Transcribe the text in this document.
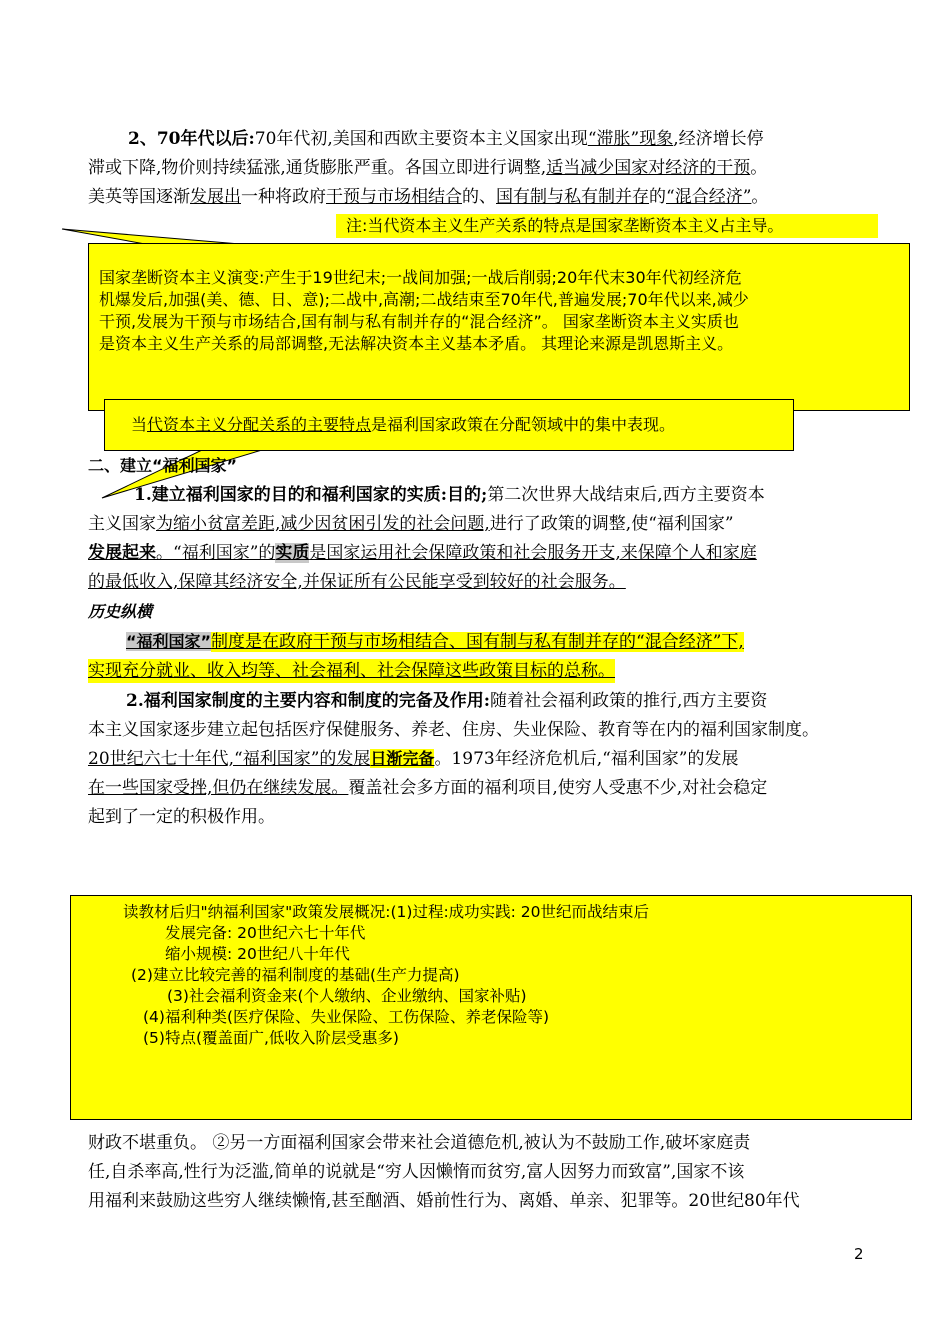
2、70年代以后:70年代初,美国和西欧主要资本主义国家出现“滞胀”现象,经济增长停
滞或下降,物价则持续猛涨,通货膨胀严重。各国立即进行调整,适当减少国家对经济的干预。
美英等国逐渐发展出一种将政府干预与市场相结合的、国有制与私有制并存的“混合经济”。
注:当代资本主义生产关系的特点是国家垄断资本主义占主导。
国家垄断资本主义演变:产生于19世纪末;一战间加强;一战后削弱;20年代末30年代初经济危
机爆发后,加强(美、德、日、意);二战中,高潮;二战结束至70年代,普遍发展;70年代以来,减少
干预,发展为干预与市场结合,国有制与私有制并存的“混合经济”。 国家垄断资本主义实质也
是资本主义生产关系的局部调整,无法解决资本主义基本矛盾。 其理论来源是凯恩斯主义。
当代资本主义分配关系的主要特点是福利国家政策在分配领域中的集中表现。
二、建立“福利国家”
1.建立福利国家的目的和福利国家的实质:目的;第二次世界大战结束后,西方主要资本
主义国家为缩小贫富差距,减少因贫困引发的社会问题,进行了政策的调整,使“福利国家”
发展起来。“福利国家”的实质是国家运用社会保障政策和社会服务开支,来保障个人和家庭
的最低收入,保障其经济安全,并保证所有公民能享受到较好的社会服务。
历史纵横
“福利国家”制度是在政府干预与市场相结合、国有制与私有制并存的“混合经济”下,
实现充分就业、收入均等、社会福利、社会保障这些政策目标的总称。
2.福利国家制度的主要内容和制度的完备及作用:随着社会福利政策的推行,西方主要资
本主义国家逐步建立起包括医疗保健服务、养老、住房、失业保险、教育等在内的福利国家制度。
20世纪六七十年代,“福利国家”的发展日渐完备。1973年经济危机后,“福利国家”的发展
在一些国家受挫,但仍在继续发展。覆盖社会多方面的福利项目,使穷人受惠不少,对社会稳定
起到了一定的积极作用。
读教材后归"纳福利国家"政策发展概况:(1)过程:成功实践: 20世纪而战结束后
发展完备: 20世纪六七十年代
缩小规模: 20世纪八十年代
(2)建立比较完善的福利制度的基础(生产力提高)
(3)社会福利资金来(个人缴纳、企业缴纳、国家补贴)
(4)福利种类(医疗保险、失业保险、工伤保险、养老保险等)
(5)特点(覆盖面广,低收入阶层受惠多)
财政不堪重负。 ②另一方面福利国家会带来社会道德危机,被认为不鼓励工作,破坏家庭责
任,自杀率高,性行为泛滥,简单的说就是“穷人因懒惰而贫穷,富人因努力而致富”,国家不该
用福利来鼓励这些穷人继续懒惰,甚至酗酒、婚前性行为、离婚、单亲、犯罪等。20世纪80年代
2
